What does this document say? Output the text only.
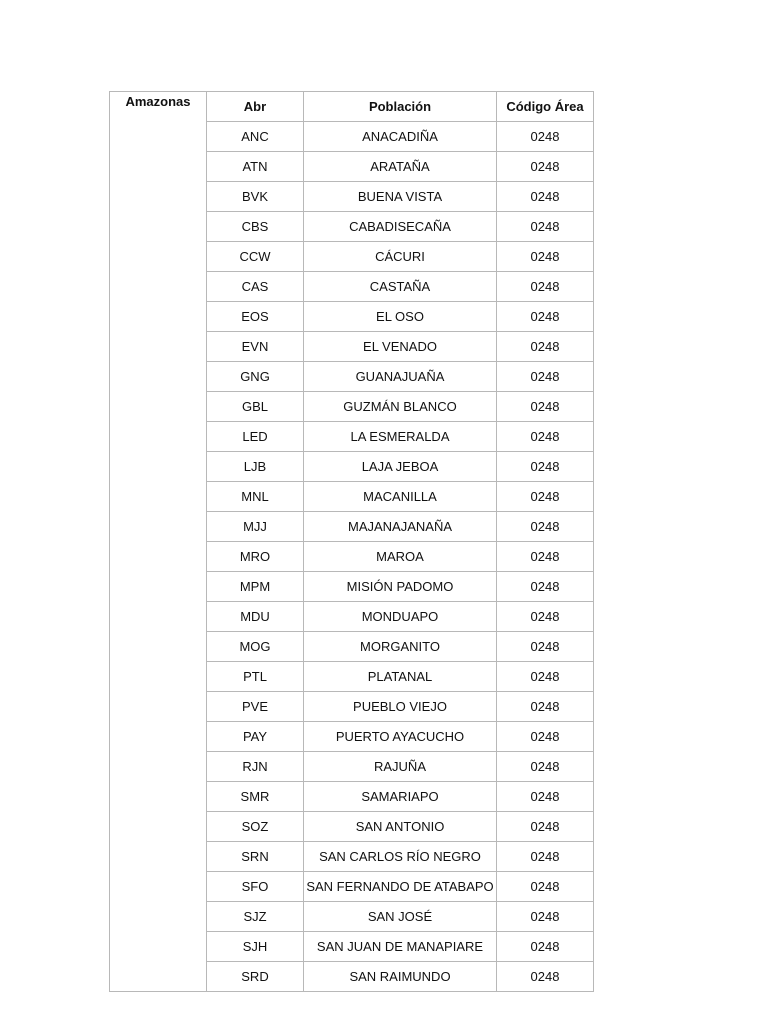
Amazonas	Abr	Población	Código Área
	ANC	ANACADIÑA	0248
	ATN	ARATAÑA	0248
	BVK	BUENA VISTA	0248
	CBS	CABADISECAÑA	0248
	CCW	CÁCURI	0248
	CAS	CASTAÑA	0248
	EOS	EL OSO	0248
	EVN	EL VENADO	0248
	GNG	GUANAJUAÑA	0248
	GBL	GUZMÁN BLANCO	0248
	LED	LA ESMERALDA	0248
	LJB	LAJA JEBOA	0248
	MNL	MACANILLA	0248
	MJJ	MAJANAJANAÑA	0248
	MRO	MAROA	0248
	MPM	MISIÓN PADOMO	0248
	MDU	MONDUAPO	0248
	MOG	MORGANITO	0248
	PTL	PLATANAL	0248
	PVE	PUEBLO VIEJO	0248
	PAY	PUERTO AYACUCHO	0248
	RJN	RAJUÑA	0248
	SMR	SAMARIAPO	0248
	SOZ	SAN ANTONIO	0248
	SRN	SAN CARLOS RÍO NEGRO	0248
	SFO	SAN FERNANDO DE ATABAPO	0248
	SJZ	SAN JOSÉ	0248
	SJH	SAN JUAN DE MANAPIARE	0248
	SRD	SAN RAIMUNDO	0248
